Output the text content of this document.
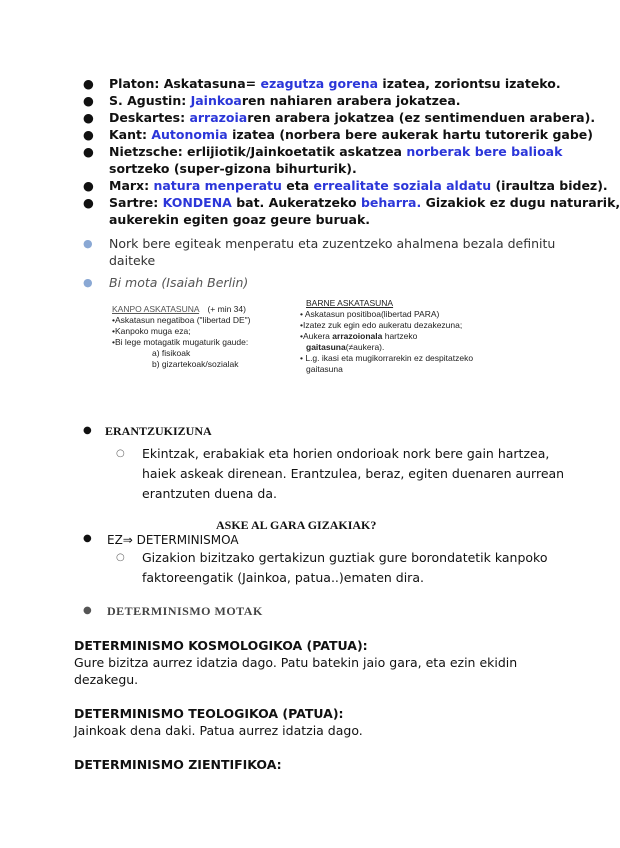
● Platon: Askatasuna= ezagutza gorena izatea, zoriontsu izateko.
● S. Agustin: Jainkoaren nahiaren arabera jokatzea.
● Deskartes: arrazoiaren arabera jokatzea (ez sentimenduen arabera).
● Kant: Autonomia izatea (norbera bere aukerak hartu tutorerik gabe)
● Nietzsche: erlijiotik/Jainkoetatik askatzea norberak bere balioak
sortzeko (super-gizona bihurturik).
● Marx: natura menperatu eta errealitate soziala aldatu (iraultza bidez).
● Sartre: KONDENA bat. Aukeratzeko beharra. Gizakiok ez dugu naturarik,
aukerekin egiten goaz geure buruak.
● Nork bere egiteak menperatu eta zuzentzeko ahalmena bezala definitu
daiteke
● Bi mota (Isaiah Berlin)
KANPO ASKATASUNA (+ min 34)
•Askatasun negatiboa ("libertad DE")
•Kanpoko muga eza;
•Bi lege motagatik mugaturik gaude:
a) fisikoak
b) gizartekoak/sozialak
BARNE ASKATASUNA
• Askatasun positiboa(libertad PARA)
•Izatez zuk egin edo aukeratu dezakezuna;
•Aukera arrazoionala hartzeko
gaitasuna(≠aukera).
• L.g. ikasi eta mugikorrarekin ez despitatzeko
gaitasuna
● ERANTZUKIZUNA
○ Ekintzak, erabakiak eta horien ondorioak nork bere gain hartzea,
haiek askeak direnean. Erantzulea, beraz, egiten duenaren aurrean
erantzuten duena da.
ASKE AL GARA GIZAKIAK?
● EZ⇒ DETERMINISMOA
○ Gizakion bizitzako gertakizun guztiak gure borondatetik kanpoko
faktoreengatik (Jainkoa, patua..)ematen dira.
● DETERMINISMO MOTAK
DETERMINISMO KOSMOLOGIKOA (PATUA):
Gure bizitza aurrez idatzia dago. Patu batekin jaio gara, eta ezin ekidin
dezakegu.
DETERMINISMO TEOLOGIKOA (PATUA):
Jainkoak dena daki. Patua aurrez idatzia dago.
DETERMINISMO ZIENTIFIKOA:
